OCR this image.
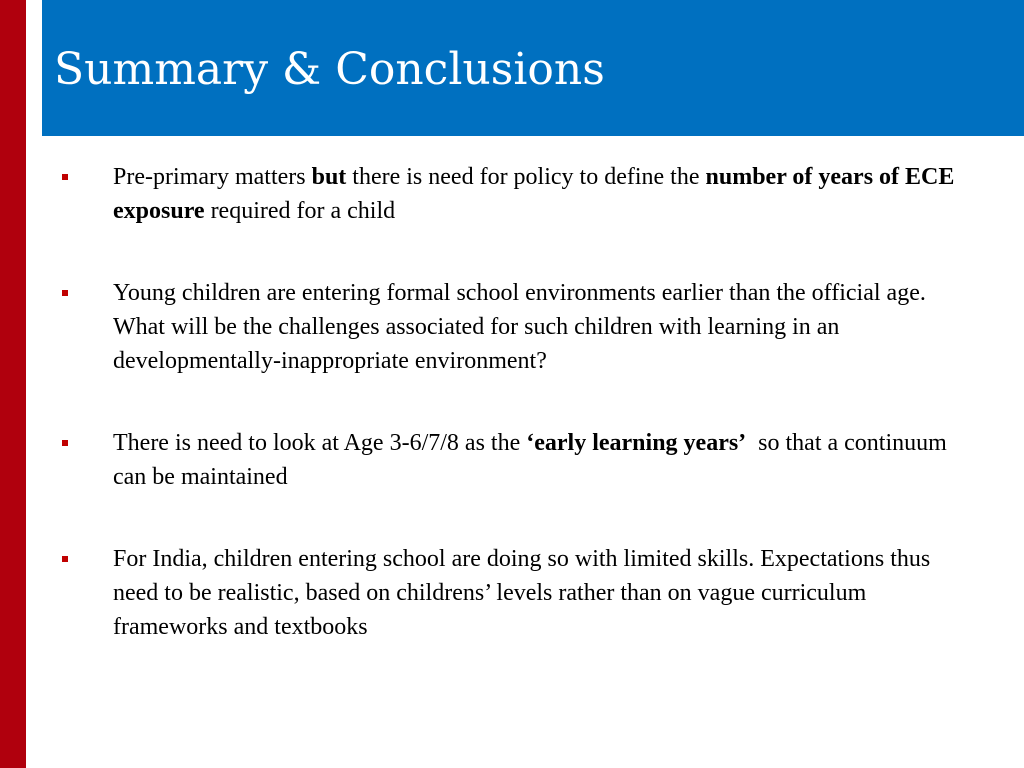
Summary & Conclusions
Pre-primary matters but there is need for policy to define the number of years of ECE exposure required for a child
Young children are entering formal school environments earlier than the official age. What will be the challenges associated for such children with learning in an developmentally-inappropriate environment?
There is need to look at Age 3-6/7/8 as the ‘early learning years’  so that a continuum can be maintained
For India, children entering school are doing so with limited skills. Expectations thus need to be realistic, based on childrens’ levels rather than on vague curriculum frameworks and textbooks
